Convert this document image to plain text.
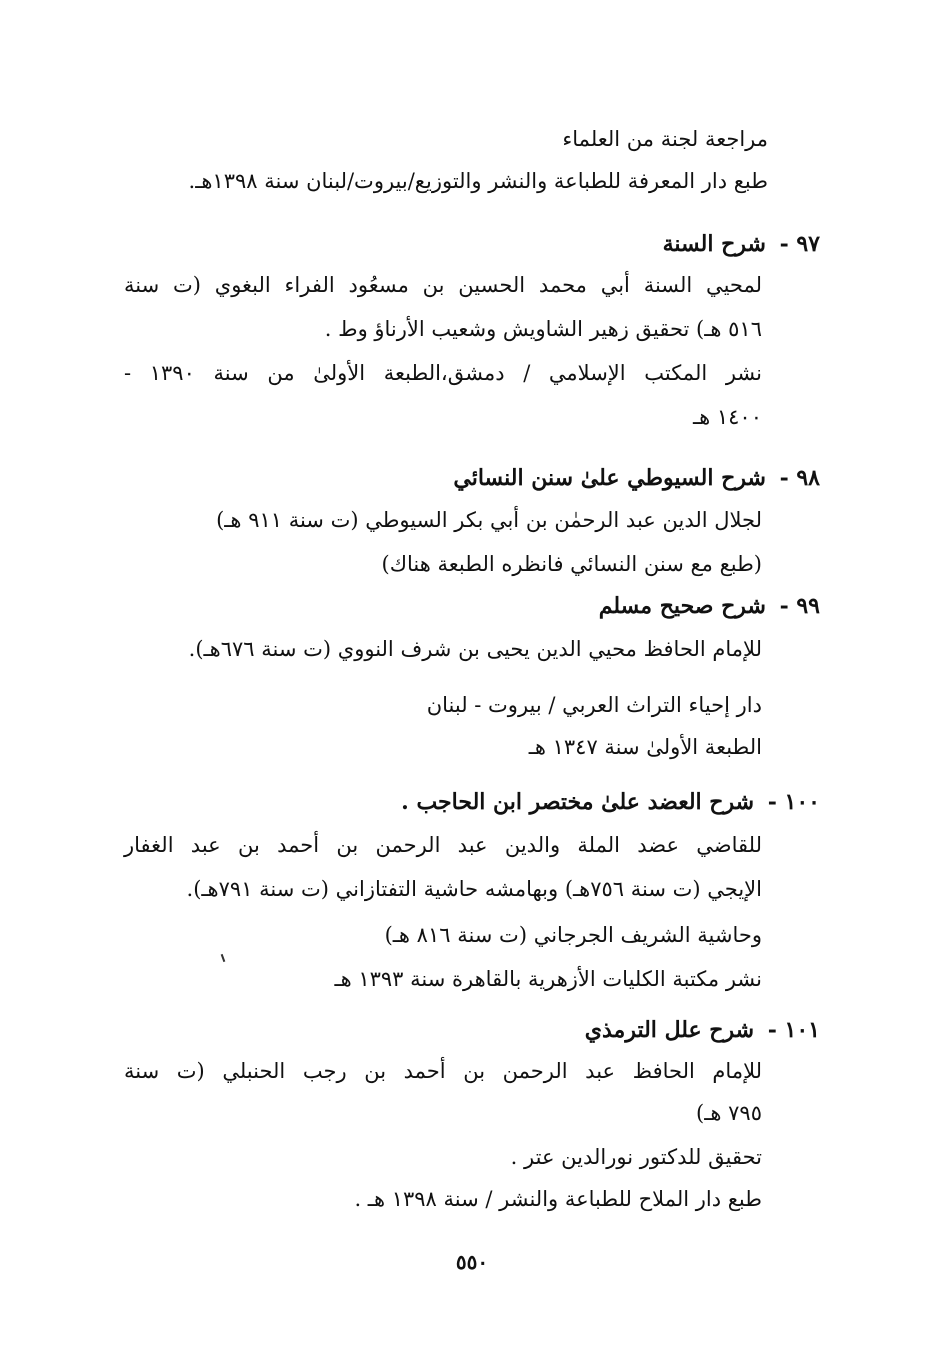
مراجعة لجنة من العلماء
طبع دار المعرفة للطباعة والنشر والتوزيع/بيروت/لبنان سنة ١٣٩٨هـ.
٩٧ - شرح السنة
لمحيي السنة أبي محمد الحسين بن مسعُود الفراء البغوي (ت سنة
٥١٦ هـ) تحقيق زهير الشاويش وشعيب الأرناؤ وط .
نشر المكتب الإسلامي / دمشق،الطبعة الأولىٰ من سنة ١٣٩٠ -
١٤٠٠ هـ
٩٨ - شرح السيوطي علىٰ سنن النسائي
لجلال الدين عبد الرحمٰن بن أبي بكر السيوطي (ت سنة ٩١١ هـ)
(طبع مع سنن النسائي فانظره الطبعة هناك)
٩٩ - شرح صحيح مسلم
للإمام الحافظ محيي الدين يحيى بن شرف النووي (ت سنة ٦٧٦هـ).
دار إحياء التراث العربي / بيروت - لبنان
الطبعة الأولىٰ سنة ١٣٤٧ هـ
١٠٠ - شرح العضد علىٰ مختصر ابن الحاجب .
للقاضي عضد الملة والدين عبد الرحمن بن أحمد بن عبد الغفار
الإيجي (ت سنة ٧٥٦هـ) وبهامشه حاشية التفتازاني (ت سنة ٧٩١هـ).
وحاشية الشريف الجرجاني (ت سنة ٨١٦ هـ)
نشر مكتبة الكليات الأزهرية بالقاهرة سنة ١٣٩٣ هـ
١٠١ - شرح علل الترمذي
للإمام الحافظ عبد الرحمن بن أحمد بن رجب الحنبلي (ت سنة
٧٩٥ هـ)
تحقيق للدكتور نورالدين عتر .
طبع دار الملاح للطباعة والنشر / سنة ١٣٩٨ هـ .
٥٥٠
